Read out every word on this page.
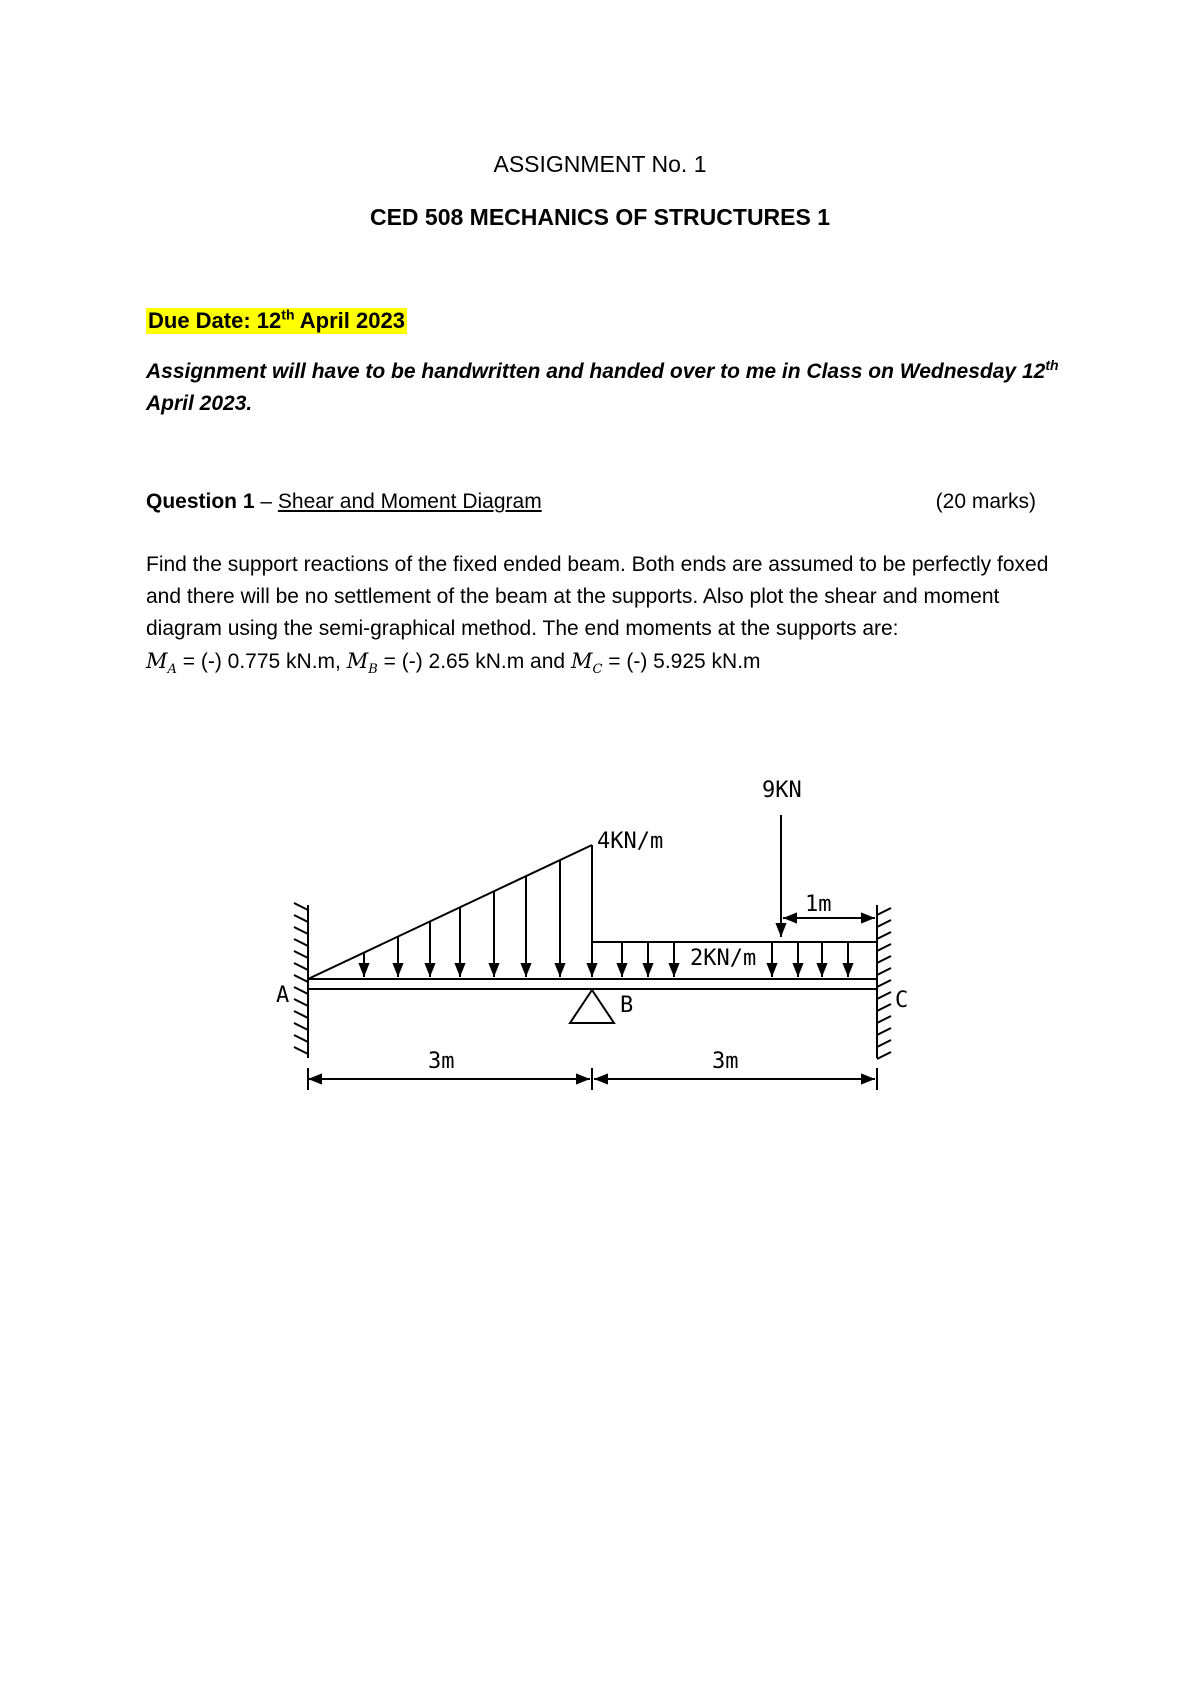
ASSIGNMENT No. 1
CED 508 MECHANICS OF STRUCTURES 1
Due Date: 12th April 2023
Assignment will have to be handwritten and handed over to me in Class on Wednesday 12th April 2023.
Question 1 – Shear and Moment Diagram	(20 marks)
Find the support reactions of the fixed ended beam. Both ends are assumed to be perfectly foxed and there will be no settlement of the beam at the supports. Also plot the shear and moment diagram using the semi-graphical method. The end moments at the supports are:
$M_A$ = (-) 0.775 kN.m, $M_B$ = (-) 2.65 kN.m and $M_C$ = (-) 5.925 kN.m
9KN
4KN/m
1m
2KN/m
A	B	C
3m	3m
